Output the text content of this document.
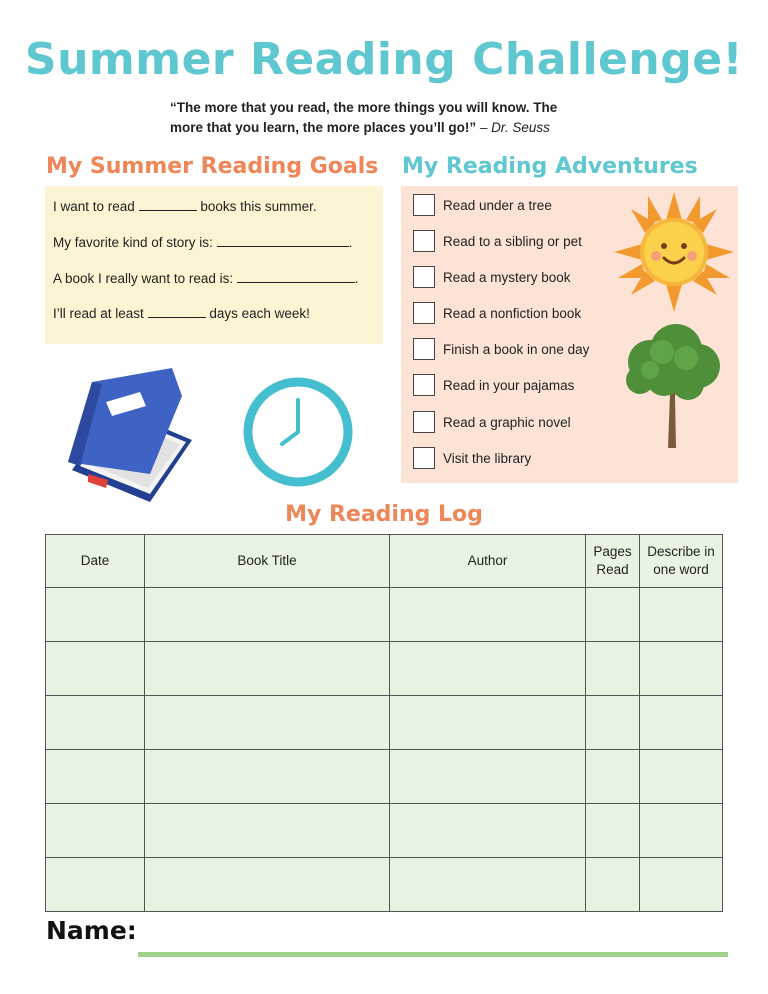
Summer Reading Challenge!
“The more that you read, the more things you will know. The more that you learn, the more places you’ll go!” – Dr. Seuss
My Summer Reading Goals My Reading Adventures
I want to read	books this summer.
My favorite kind of story is:	.
A book I really want to read is:	.
I’ll read at least	days each week!
Read under a tree
Read to a sibling or pet
Read a mystery book
Read a nonfiction book
Finish a book in one day
Read in your pajamas
Read a graphic novel
Visit the library
My Reading Log
Date	Book Title	Author	Pages Read	Describe in one word

Name:
